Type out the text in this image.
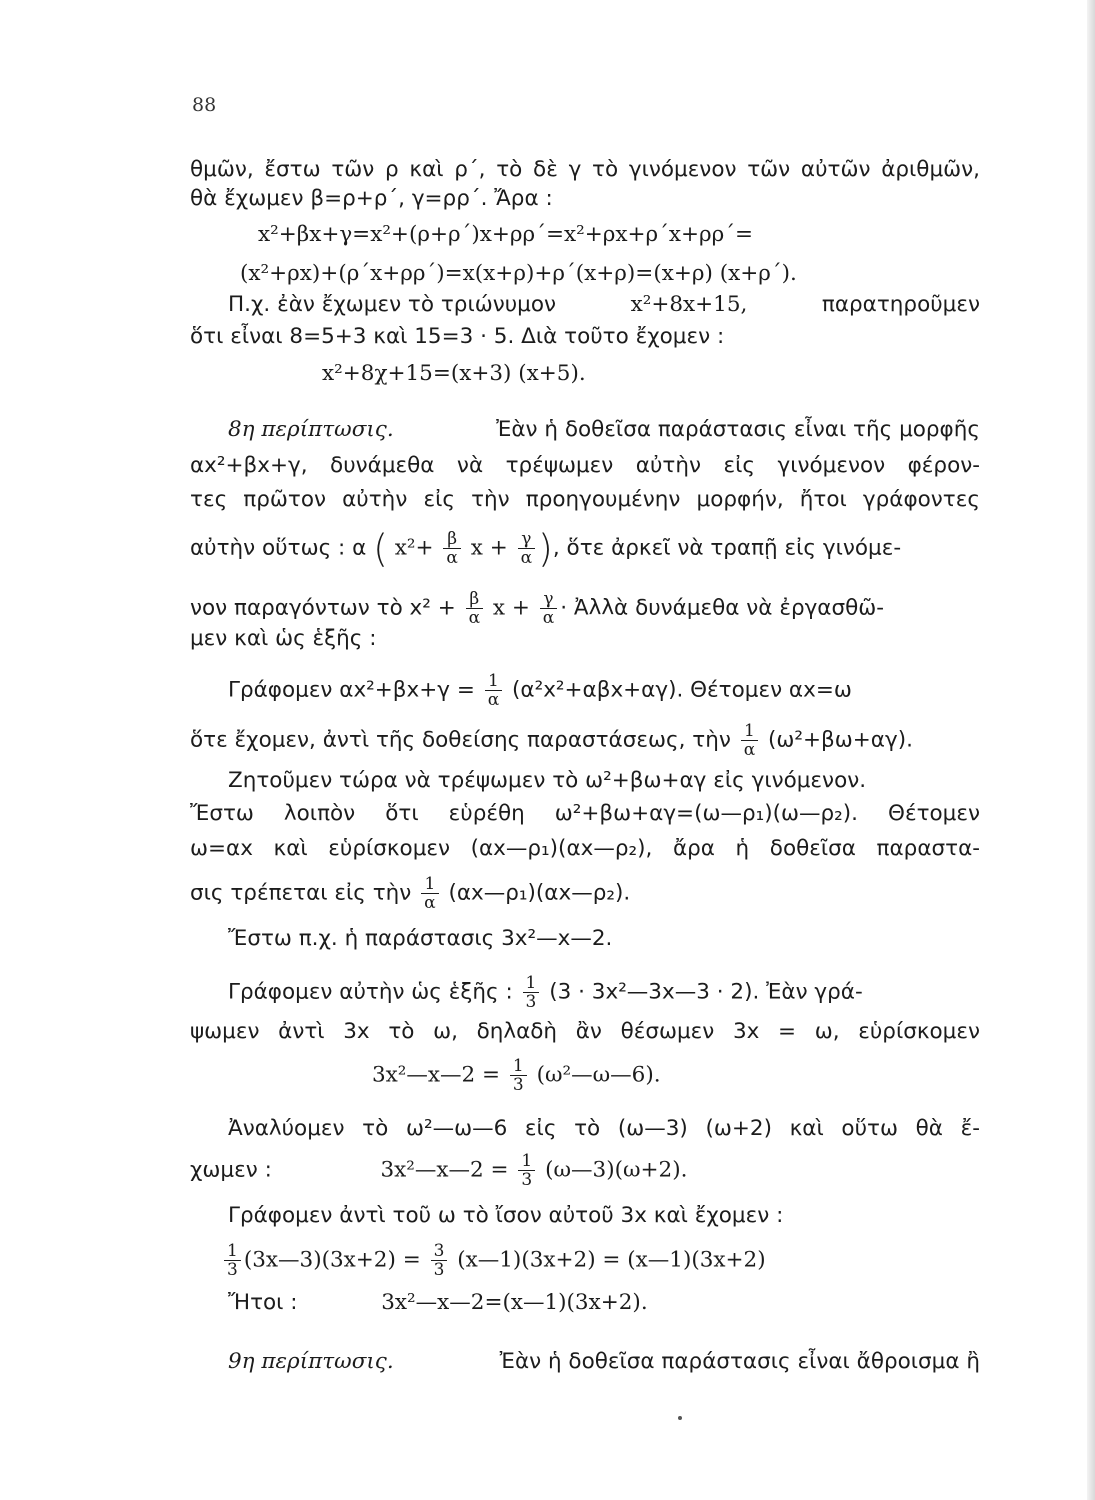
88
θμῶν, ἔστω τῶν ρ καὶ ρ΄, τὸ δὲ γ τὸ γινόμενον τῶν αὐτῶν ἀριθμῶν,
θὰ ἔχωμεν β=ρ+ρ΄, γ=ρρ΄. Ἄρα :
x²+βx+γ=x²+(ρ+ρ΄)x+ρρ΄=x²+ρx+ρ΄x+ρρ΄=
(x²+ρx)+(ρ΄x+ρρ΄)=x(x+ρ)+ρ΄(x+ρ)=(x+ρ) (x+ρ΄).
Π.χ. ἐὰν ἔχωμεν τὸ τριώνυμον	x²+8x+15,	παρατηροῦμεν
ὅτι εἶναι 8=5+3 καὶ 15=3 · 5. Διὰ τοῦτο ἔχομεν :
x²+8χ+15=(x+3) (x+5).
8η περίπτωσις.	Ἐὰν ἡ δοθεῖσα παράστασις εἶναι τῆς μορφῆς
αx²+βx+γ, δυνάμεθα νὰ τρέψωμεν αὐτὴν εἰς γινόμενον φέρον-
τες πρῶτον αὐτὴν εἰς τὴν προηγουμένην μορφήν, ἤτοι γράφοντες
αὐτὴν οὕτως : α ( $x^2+ \frac{\beta}{\alpha}$ $x + \frac{\gamma}{\alpha}$ ), ὅτε ἀρκεῖ νὰ τραπῇ εἰς γινόμε-
νον παραγόντων τὸ $x^2 + \frac{\beta}{\alpha}$ $x + \frac{\gamma}{\alpha}$ · Ἀλλὰ δυνάμεθα νὰ ἐργασθῶ-
μεν καὶ ὡς ἑξῆς :
Γράφομεν $\alpha x^2+\beta x+\gamma = \frac{1}{\alpha} (\alpha^2x^2+\alpha\beta x+\alpha\gamma)$. Θέτομεν αx=ω
ὅτε ἔχομεν, ἀντὶ τῆς δοθείσης παραστάσεως, τὴν $\frac{1}{\alpha} (\omega^2+\beta\omega+\alpha\gamma)$.
Ζητοῦμεν τώρα νὰ τρέψωμεν τὸ ω²+βω+αγ εἰς γινόμενον.
Ἔστω λοιπὸν ὅτι εὑρέθη ω²+βω+αγ=(ω—ρ₁)(ω—ρ₂). Θέτομεν
ω=αx καὶ εὑρίσκομεν (αx—ρ₁)(αx—ρ₂), ἄρα ἡ δοθεῖσα παραστα-
σις τρέπεται εἰς τὴν $\frac{1}{\alpha}$ (αx—ρ₁)(αx—ρ₂).
Ἔστω π.χ. ἡ παράστασις 3x²—x—2.
Γράφομεν αὐτὴν ὡς ἑξῆς : $\frac{1}{3} (3$ · 3x²—3x—3 · 2). Ἐὰν γρά-
ψωμεν ἀντὶ 3x τὸ ω, δηλαδὴ ἂν θέσωμεν 3x = ω, εὑρίσκομεν
3x²—x—2 = $\frac{1}{3}$ (ω²—ω—6).
Ἀναλύομεν τὸ ω²—ω—6 εἰς τὸ (ω—3) (ω+2) καὶ οὕτω θὰ ἔ-
χωμεν :	3x²—x—2 = $\frac{1}{3}$ (ω—3)(ω+2).
Γράφομεν ἀντὶ τοῦ ω τὸ ἴσον αὐτοῦ 3x καὶ ἔχομεν :
$\frac{1}{3}$ (3x—3)(3x+2) = $\frac{3}{3}$ (x—1)(3x+2) = (x—1)(3x+2)
Ἤτοι :	3x²—x—2=(x—1)(3x+2).
9η περίπτωσις.	Ἐὰν ἡ δοθεῖσα παράστασις εἶναι ἄθροισμα ἢ
